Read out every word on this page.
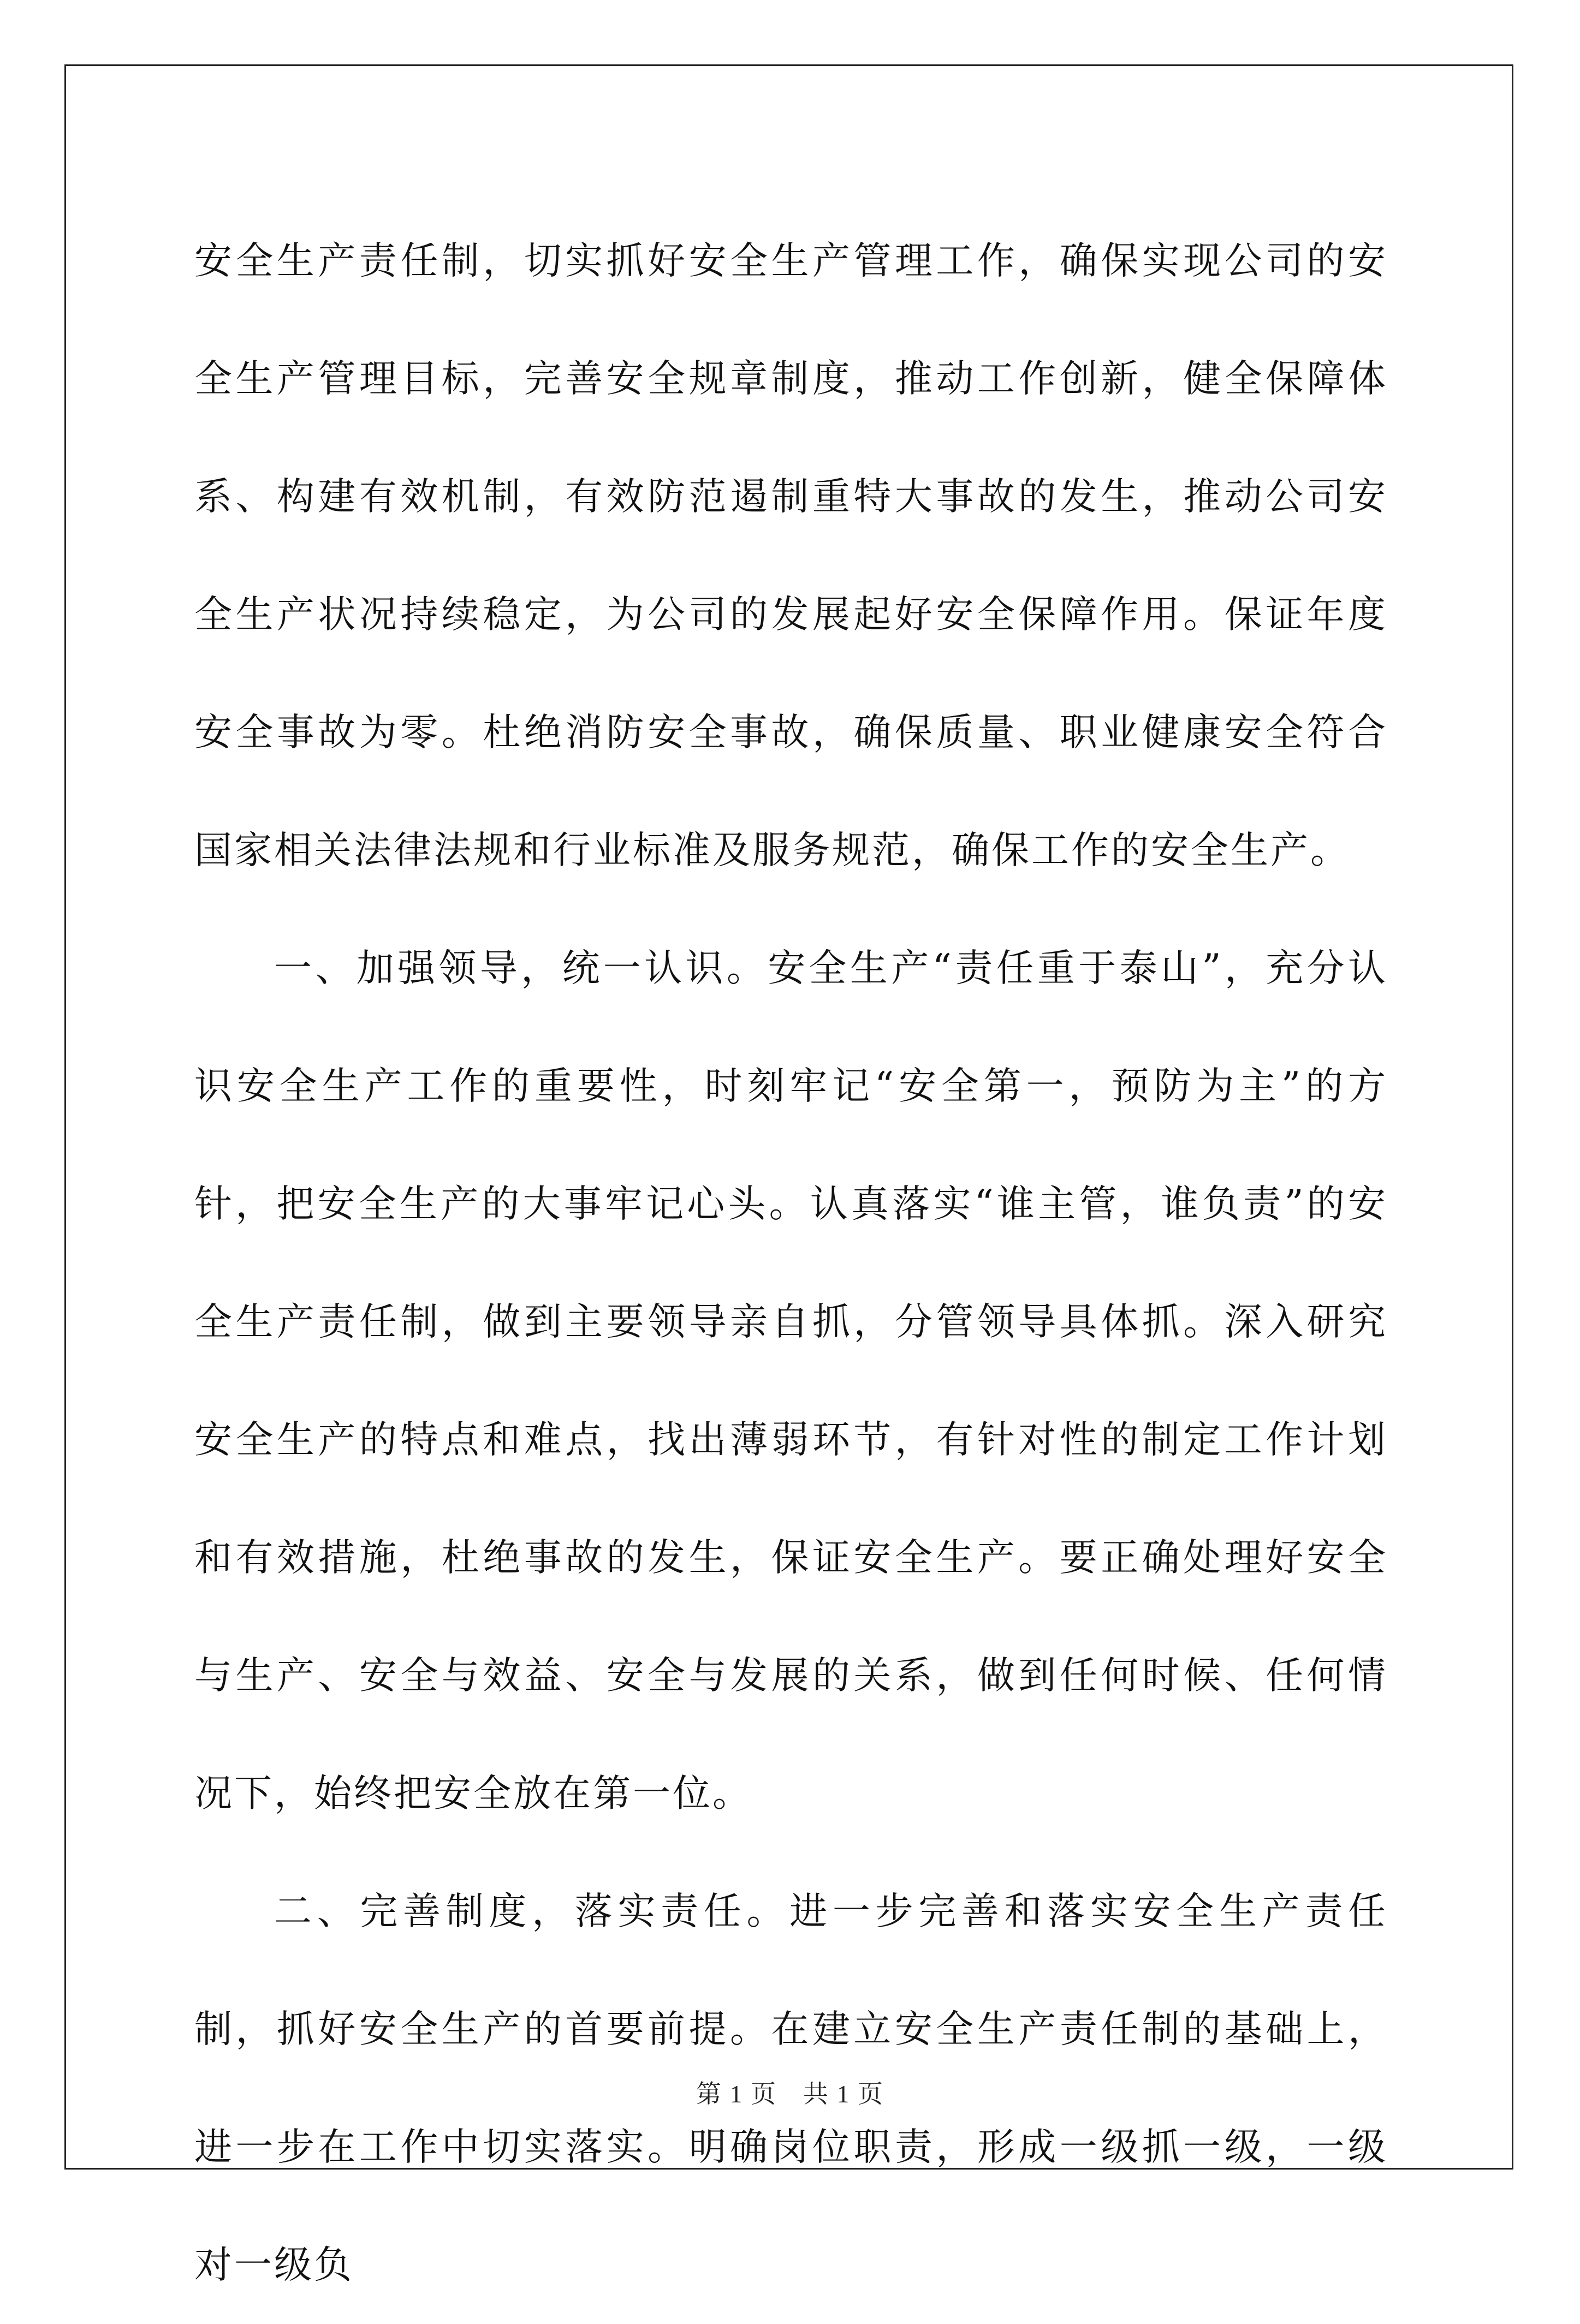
安全生产责任制，切实抓好安全生产管理工作，确保实现公司的安全生产管理目标，完善安全规章制度，推动工作创新，健全保障体系、构建有效机制，有效防范遏制重特大事故的发生，推动公司安全生产状况持续稳定，为公司的发展起好安全保障作用。保证年度安全事故为零。杜绝消防安全事故，确保质量、职业健康安全符合国家相关法律法规和行业标准及服务规范，确保工作的安全生产。

一、加强领导，统一认识。安全生产“责任重于泰山”，充分认识安全生产工作的重要性，时刻牢记“安全第一，预防为主”的方针，把安全生产的大事牢记心头。认真落实“谁主管，谁负责”的安全生产责任制，做到主要领导亲自抓，分管领导具体抓。深入研究安全生产的特点和难点，找出薄弱环节，有针对性的制定工作计划和有效措施，杜绝事故的发生，保证安全生产。要正确处理好安全与生产、安全与效益、安全与发展的关系，做到任何时候、任何情况下，始终把安全放在第一位。

二、完善制度，落实责任。进一步完善和落实安全生产责任制，抓好安全生产的首要前提。在建立安全生产责任制的基础上，进一步在工作中切实落实。明确岗位职责，形成一级抓一级，一级对一级负

第 1 页　共 1 页
